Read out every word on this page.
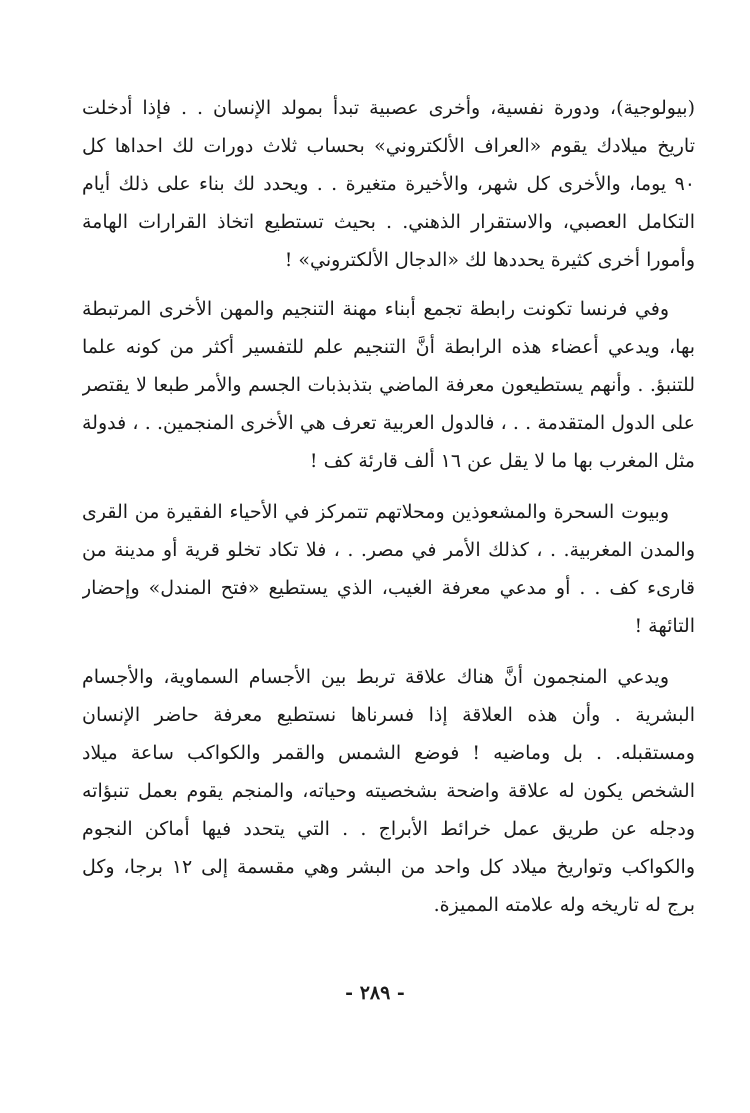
(بيولوجية)، ودورة نفسية، وأخرى عصبية تبدأ بمولد الإنسان . . فإذا أدخلت
تاريخ ميلادك يقوم «العراف الألكتروني» بحساب ثلاث دورات لك احداها كل
٩٠ يوما، والأخرى كل شهر، والأخيرة متغيرة . . ويحدد لك بناء على ذلك أيام
التكامل العصبي، والاستقرار الذهني. . بحيث تستطيع اتخاذ القرارات الهامة
وأمورا أخرى كثيرة يحددها لك «الدجال الألكتروني» !
وفي فرنسا تكونت رابطة تجمع أبناء مهنة التنجيم والمهن الأخرى المرتبطة
بها، ويدعي أعضاء هذه الرابطة أنَّ التنجيم علم للتفسير أكثر من كونه علما
للتنبؤ. . وأنهم يستطيعون معرفة الماضي بتذبذبات الجسم والأمر طبعا لا يقتصر
على الدول المتقدمة . . ، فالدول العربية تعرف هي الأخرى المنجمين. . ، فدولة
مثل المغرب بها ما لا يقل عن ١٦ ألف قارئة كف !
وبيوت السحرة والمشعوذين ومحلاتهم تتمركز في الأحياء الفقيرة من القرى
والمدن المغربية. . ، كذلك الأمر في مصر. . ، فلا تكاد تخلو قرية أو مدينة من
قارىء كف . . أو مدعي معرفة الغيب، الذي يستطيع «فتح المندل» وإحضار
التائهة !
ويدعي المنجمون أنَّ هناك علاقة تربط بين الأجسام السماوية، والأجسام
البشرية . وأن هذه العلاقة إذا فسرناها نستطيع معرفة حاضر الإنسان
ومستقبله. . بل وماضيه ! فوضع الشمس والقمر والكواكب ساعة ميلاد
الشخص يكون له علاقة واضحة بشخصيته وحياته، والمنجم يقوم بعمل تنبؤاته
ودجله عن طريق عمل خرائط الأبراج . . التي يتحدد فيها أماكن النجوم
والكواكب وتواريخ ميلاد كل واحد من البشر وهي مقسمة إلى ١٢ برجا، وكل
برج له تاريخه وله علامته المميزة.
- ٢٨٩ -
